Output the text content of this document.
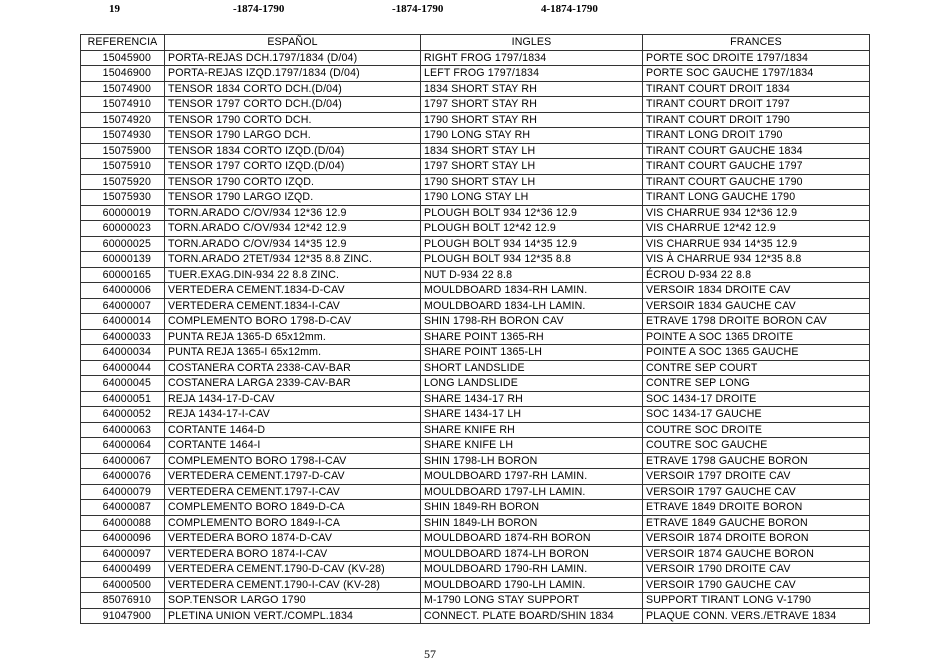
19	-1874-1790	-1874-1790	4-1874-1790
REFERENCIA	ESPAÑOL	INGLES	FRANCES
15045900	PORTA-REJAS DCH.1797/1834 (D/04)	RIGHT FROG 1797/1834	PORTE SOC DROITE 1797/1834
15046900	PORTA-REJAS IZQD.1797/1834 (D/04)	LEFT FROG 1797/1834	PORTE SOC GAUCHE 1797/1834
15074900	TENSOR 1834 CORTO DCH.(D/04)	1834 SHORT STAY RH	TIRANT COURT DROIT 1834
15074910	TENSOR 1797 CORTO DCH.(D/04)	1797 SHORT STAY RH	TIRANT COURT DROIT 1797
15074920	TENSOR 1790 CORTO DCH.	1790 SHORT STAY RH	TIRANT COURT DROIT 1790
15074930	TENSOR 1790 LARGO DCH.	1790 LONG STAY RH	TIRANT LONG DROIT 1790
15075900	TENSOR 1834 CORTO IZQD.(D/04)	1834 SHORT STAY LH	TIRANT COURT GAUCHE 1834
15075910	TENSOR 1797 CORTO IZQD.(D/04)	1797 SHORT STAY LH	TIRANT COURT GAUCHE 1797
15075920	TENSOR 1790 CORTO IZQD.	1790 SHORT STAY LH	TIRANT COURT GAUCHE 1790
15075930	TENSOR 1790 LARGO IZQD.	1790 LONG STAY LH	TIRANT LONG GAUCHE 1790
60000019	TORN.ARADO C/OV/934 12*36 12.9	PLOUGH BOLT 934 12*36 12.9	VIS CHARRUE 934 12*36 12.9
60000023	TORN.ARADO C/OV/934 12*42 12.9	PLOUGH BOLT 12*42 12.9	VIS CHARRUE 12*42 12.9
60000025	TORN.ARADO C/OV/934 14*35 12.9	PLOUGH BOLT 934 14*35 12.9	VIS CHARRUE 934 14*35 12.9
60000139	TORN.ARADO 2TET/934 12*35 8.8 ZINC.	PLOUGH BOLT 934 12*35 8.8	VIS À CHARRUE 934 12*35 8.8
60000165	TUER.EXAG.DIN-934 22 8.8 ZINC.	NUT D-934 22 8.8	ÉCROU D-934 22 8.8
64000006	VERTEDERA CEMENT.1834-D-CAV	MOULDBOARD 1834-RH LAMIN.	VERSOIR 1834 DROITE CAV
64000007	VERTEDERA CEMENT.1834-I-CAV	MOULDBOARD 1834-LH LAMIN.	VERSOIR 1834 GAUCHE CAV
64000014	COMPLEMENTO BORO 1798-D-CAV	SHIN 1798-RH BORON CAV	ETRAVE 1798 DROITE BORON CAV
64000033	PUNTA REJA 1365-D 65x12mm.	SHARE POINT 1365-RH	POINTE A SOC 1365 DROITE
64000034	PUNTA REJA 1365-I 65x12mm.	SHARE POINT 1365-LH	POINTE A SOC 1365 GAUCHE
64000044	COSTANERA CORTA 2338-CAV-BAR	SHORT LANDSLIDE	CONTRE SEP COURT
64000045	COSTANERA LARGA 2339-CAV-BAR	LONG LANDSLIDE	CONTRE SEP LONG
64000051	REJA 1434-17-D-CAV	SHARE 1434-17 RH	SOC 1434-17 DROITE
64000052	REJA 1434-17-I-CAV	SHARE 1434-17 LH	SOC 1434-17 GAUCHE
64000063	CORTANTE 1464-D	SHARE KNIFE RH	COUTRE SOC DROITE
64000064	CORTANTE 1464-I	SHARE KNIFE LH	COUTRE SOC GAUCHE
64000067	COMPLEMENTO BORO 1798-I-CAV	SHIN 1798-LH BORON	ETRAVE 1798 GAUCHE BORON
64000076	VERTEDERA CEMENT.1797-D-CAV	MOULDBOARD 1797-RH LAMIN.	VERSOIR 1797 DROITE CAV
64000079	VERTEDERA CEMENT.1797-I-CAV	MOULDBOARD 1797-LH LAMIN.	VERSOIR 1797 GAUCHE CAV
64000087	COMPLEMENTO BORO 1849-D-CA	SHIN 1849-RH BORON	ETRAVE 1849 DROITE BORON
64000088	COMPLEMENTO BORO 1849-I-CA	SHIN 1849-LH BORON	ETRAVE 1849 GAUCHE BORON
64000096	VERTEDERA BORO 1874-D-CAV	MOULDBOARD 1874-RH BORON	VERSOIR 1874 DROITE BORON
64000097	VERTEDERA BORO 1874-I-CAV	MOULDBOARD 1874-LH BORON	VERSOIR 1874 GAUCHE BORON
64000499	VERTEDERA CEMENT.1790-D-CAV (KV-28)	MOULDBOARD 1790-RH LAMIN.	VERSOIR 1790 DROITE CAV
64000500	VERTEDERA CEMENT.1790-I-CAV (KV-28)	MOULDBOARD 1790-LH LAMIN.	VERSOIR 1790 GAUCHE CAV
85076910	SOP.TENSOR LARGO 1790	M-1790 LONG STAY SUPPORT	SUPPORT TIRANT LONG V-1790
91047900	PLETINA UNION VERT./COMPL.1834	CONNECT. PLATE BOARD/SHIN 1834	PLAQUE CONN. VERS./ETRAVE 1834
57
